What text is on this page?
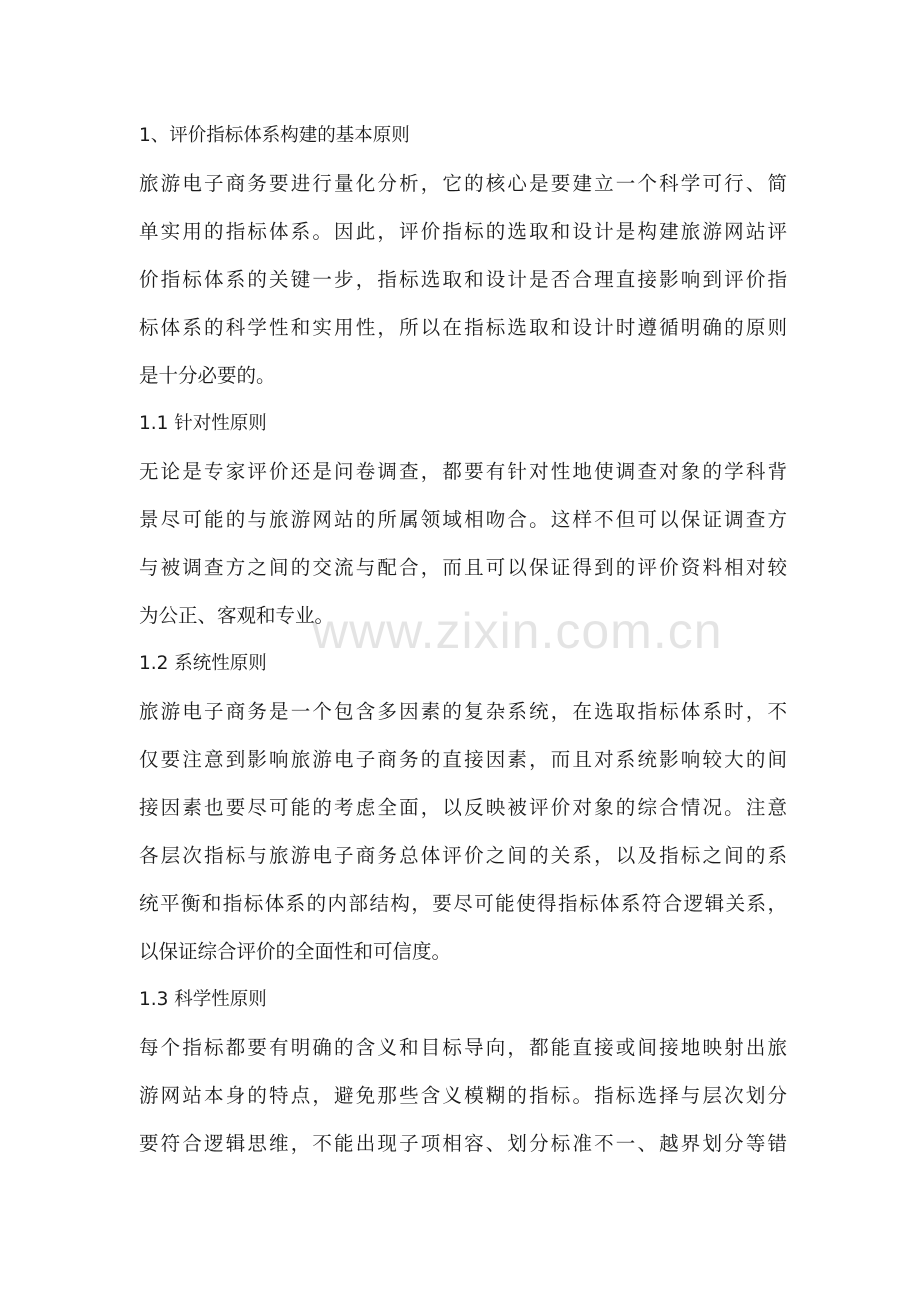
1、评价指标体系构建的基本原则
旅游电子商务要进行量化分析，它的核心是要建立一个科学可行、简
单实用的指标体系。因此，评价指标的选取和设计是构建旅游网站评
价指标体系的关键一步，指标选取和设计是否合理直接影响到评价指
标体系的科学性和实用性，所以在指标选取和设计时遵循明确的原则
是十分必要的。
1.1 针对性原则
无论是专家评价还是问卷调查，都要有针对性地使调查对象的学科背
景尽可能的与旅游网站的所属领域相吻合。这样不但可以保证调查方
与被调查方之间的交流与配合，而且可以保证得到的评价资料相对较
为公正、客观和专业。
1.2 系统性原则
旅游电子商务是一个包含多因素的复杂系统，在选取指标体系时，不
仅要注意到影响旅游电子商务的直接因素，而且对系统影响较大的间
接因素也要尽可能的考虑全面，以反映被评价对象的综合情况。注意
各层次指标与旅游电子商务总体评价之间的关系，以及指标之间的系
统平衡和指标体系的内部结构，要尽可能使得指标体系符合逻辑关系，
以保证综合评价的全面性和可信度。
1.3 科学性原则
每个指标都要有明确的含义和目标导向，都能直接或间接地映射出旅
游网站本身的特点，避免那些含义模糊的指标。指标选择与层次划分
要符合逻辑思维，不能出现子项相容、划分标准不一、越界划分等错
www.zixin.com.cn
